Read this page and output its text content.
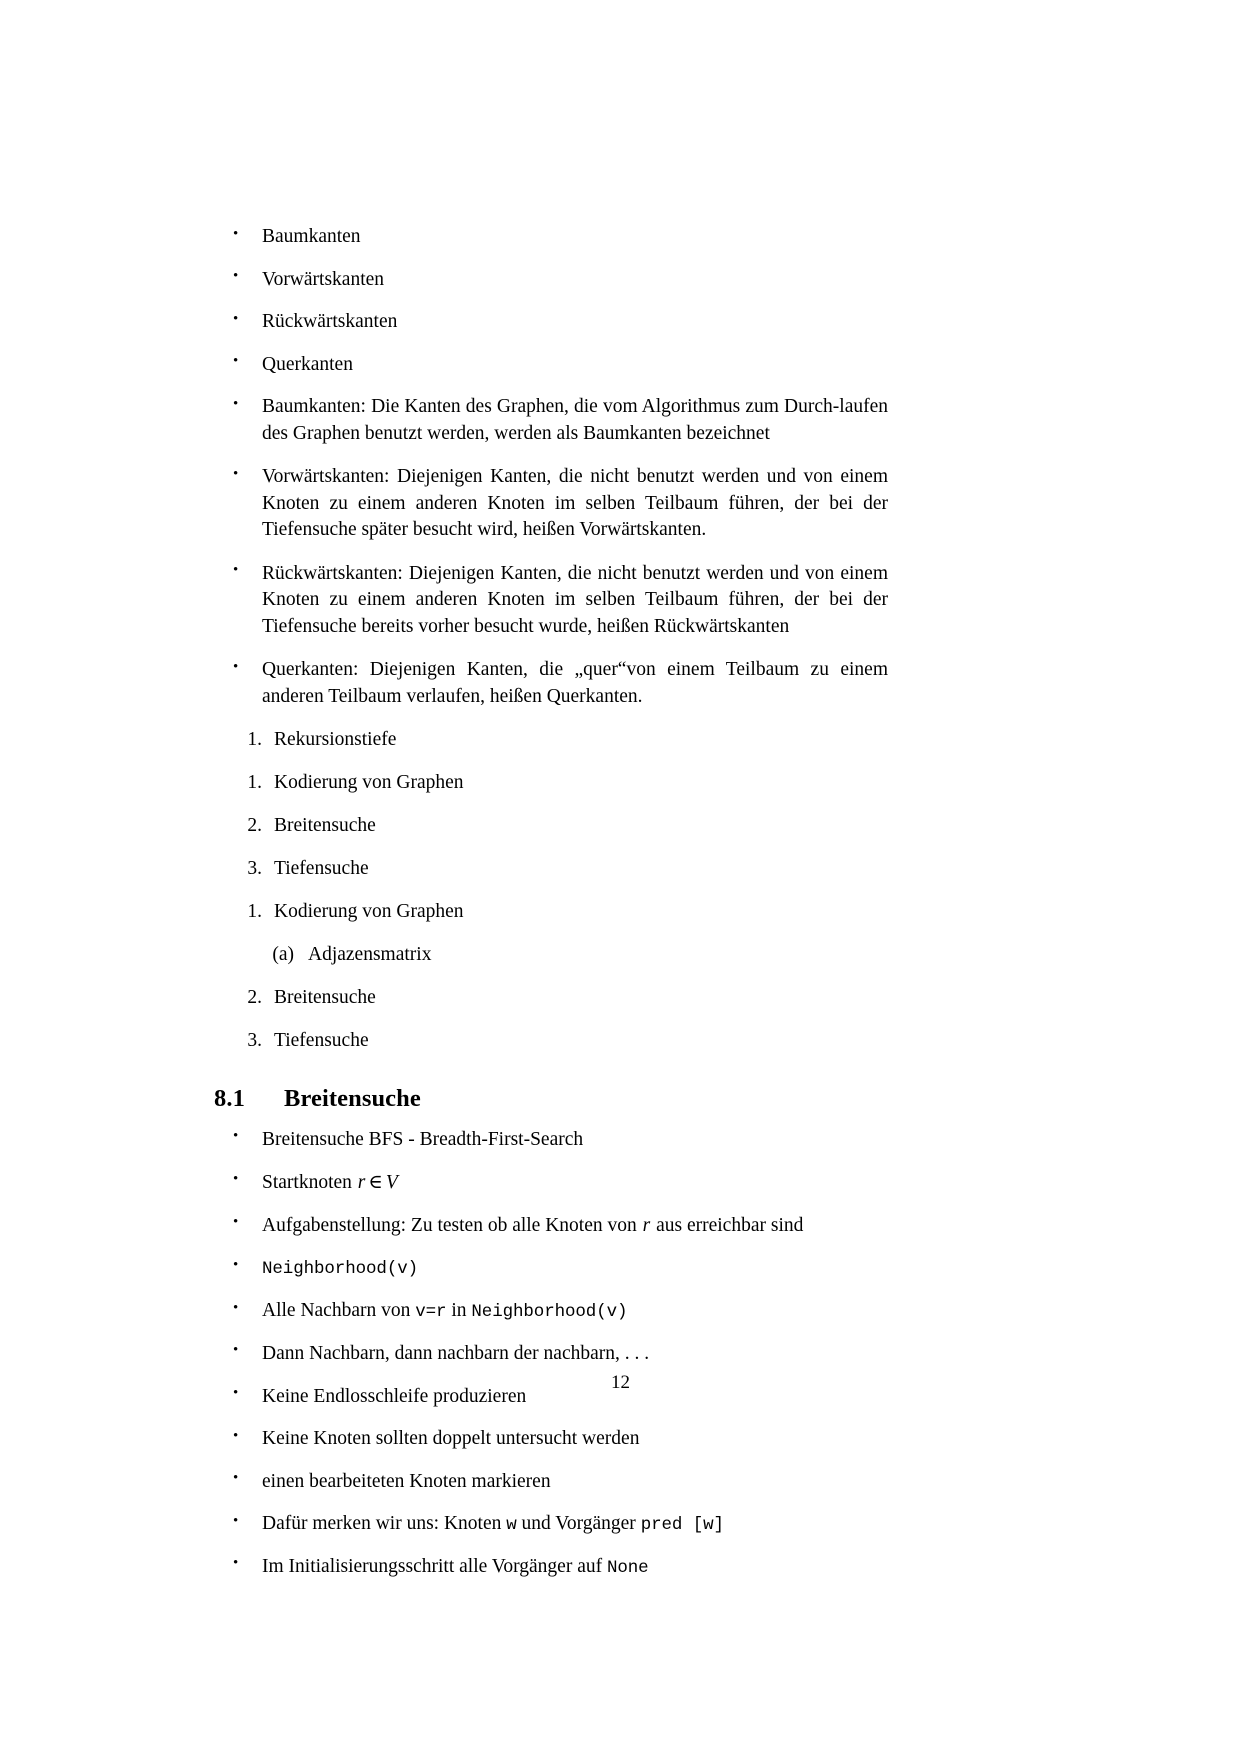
• Baumkanten
• Vorwärtskanten
• Rückwärtskanten
• Querkanten
• Baumkanten: Die Kanten des Graphen, die vom Algorithmus zum Durch-laufen des Graphen benutzt werden, werden als Baumkanten bezeichnet
• Vorwärtskanten: Diejenigen Kanten, die nicht benutzt werden und von einem Knoten zu einem anderen Knoten im selben Teilbaum führen, der bei der Tiefensuche später besucht wird, heißen Vorwärtskanten.
• Rückwärtskanten: Diejenigen Kanten, die nicht benutzt werden und von einem Knoten zu einem anderen Knoten im selben Teilbaum führen, der bei der Tiefensuche bereits vorher besucht wurde, heißen Rückwärtskanten
• Querkanten: Diejenigen Kanten, die „quer“von einem Teilbaum zu einem anderen Teilbaum verlaufen, heißen Querkanten.
1. Rekursionstiefe
1. Kodierung von Graphen
2. Breitensuche
3. Tiefensuche
1. Kodierung von Graphen
(a) Adjazensmatrix
2. Breitensuche
3. Tiefensuche
8.1 Breitensuche
• Breitensuche BFS - Breadth-First-Search
• Startknoten r ∈ V
• Aufgabenstellung: Zu testen ob alle Knoten von r aus erreichbar sind
• Neighborhood(v)
• Alle Nachbarn von v=r in Neighborhood(v)
• Dann Nachbarn, dann nachbarn der nachbarn, . . .
• Keine Endlosschleife produzieren
• Keine Knoten sollten doppelt untersucht werden
• einen bearbeiteten Knoten markieren
• Dafür merken wir uns: Knoten w und Vorgänger pred [w]
• Im Initialisierungsschritt alle Vorgänger auf None
12
